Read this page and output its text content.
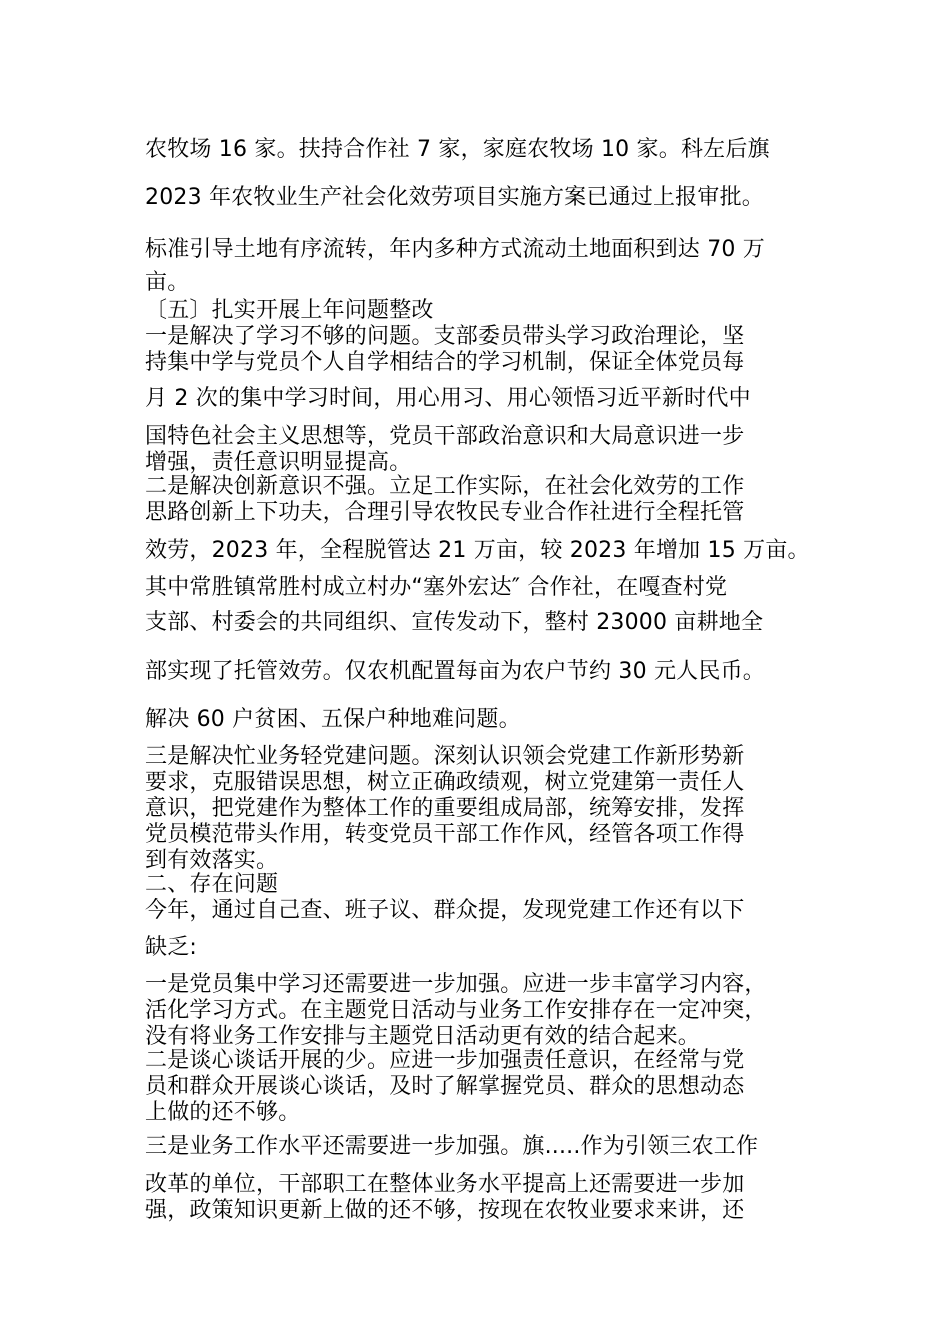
农牧场 16 家。扶持合作社 7 家，家庭农牧场 10 家。科左后旗

2023 年农牧业生产社会化效劳项目实施方案已通过上报审批。

标准引导土地有序流转，年内多种方式流动土地面积到达 70 万

亩。

〔五〕扎实开展上年问题整改

一是解决了学习不够的问题。支部委员带头学习政治理论，坚

持集中学与党员个人自学相结合的学习机制，保证全体党员每

月 2 次的集中学习时间，用心用习、用心领悟习近平新时代中

国特色社会主义思想等，党员干部政治意识和大局意识进一步

增强，责任意识明显提高。

二是解决创新意识不强。立足工作实际，在社会化效劳的工作

思路创新上下功夫，合理引导农牧民专业合作社进行全程托管

效劳，2023 年，全程脱管达 21 万亩，较 2023 年增加 15 万亩。

其中常胜镇常胜村成立村办“塞外宏达″ 合作社，在嘎查村党

支部、村委会的共同组织、宣传发动下，整村 23000 亩耕地全

部实现了托管效劳。仅农机配置每亩为农户节约 30 元人民币。

解决 60 户贫困、五保户种地难问题。

三是解决忙业务轻党建问题。深刻认识领会党建工作新形势新

要求，克服错误思想，树立正确政绩观，树立党建第一责任人

意识，把党建作为整体工作的重要组成局部，统筹安排，发挥

党员模范带头作用，转变党员干部工作作风，经管各项工作得

到有效落实。

二、存在问题

今年，通过自己查、班子议、群众提，发现党建工作还有以下

缺乏:

一是党员集中学习还需要进一步加强。应进一步丰富学习内容，

活化学习方式。在主题党日活动与业务工作安排存在一定冲突，

没有将业务工作安排与主题党日活动更有效的结合起来。

二是谈心谈话开展的少。应进一步加强责任意识，在经常与党

员和群众开展谈心谈话，及时了解掌握党员、群众的思想动态

上做的还不够。

三是业务工作水平还需要进一步加强。旗.....作为引领三农工作

改革的单位，干部职工在整体业务水平提高上还需要进一步加

强，政策知识更新上做的还不够，按现在农牧业要求来讲，还
